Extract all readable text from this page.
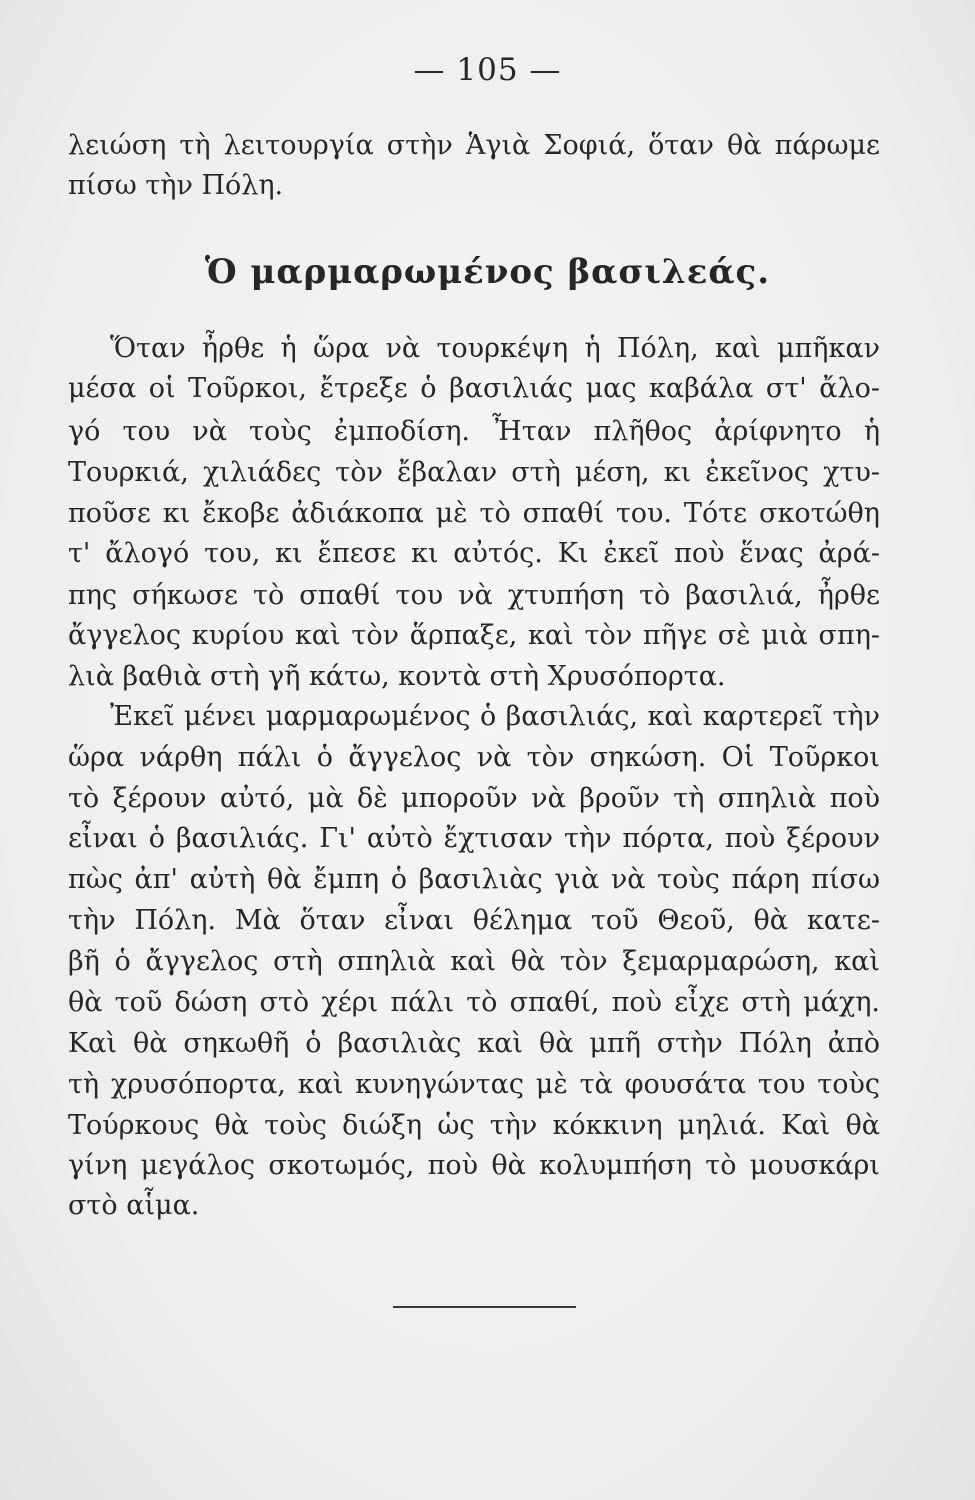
— 105 —
λειώση τὴ λειτουργία στὴν Ἁγιὰ Σοφιά, ὅταν θὰ πάρωμε
πίσω τὴν Πόλη.
Ὁ μαρμαρωμένος βασιλεάς.
Ὅταν ἦρθε ἡ ὥρα νὰ τουρκέψη ἡ Πόλη, καὶ μπῆκαν
μέσα οἱ Τοῦρκοι, ἔτρεξε ὁ βασιλιάς μας καβάλα στ' ἄλο-
γό του νὰ τοὺς ἐμποδίση. Ἦταν πλῆθος ἀρίφνητο ἡ
Τουρκιά, χιλιάδες τὸν ἔβαλαν στὴ μέση, κι ἐκεῖνος χτυ-
ποῦσε κι ἔκοβε ἀδιάκοπα μὲ τὸ σπαθί του. Τότε σκοτώθη
τ' ἄλογό του, κι ἔπεσε κι αὐτός. Κι ἐκεῖ ποὺ ἕνας ἀρά-
πης σήκωσε τὸ σπαθί του νὰ χτυπήση τὸ βασιλιά, ἦρθε
ἄγγελος κυρίου καὶ τὸν ἅρπαξε, καὶ τὸν πῆγε σὲ μιὰ σπη-
λιὰ βαθιὰ στὴ γῆ κάτω, κοντὰ στὴ Χρυσόπορτα.
Ἐκεῖ μένει μαρμαρωμένος ὁ βασιλιάς, καὶ καρτερεῖ τὴν
ὥρα νάρθη πάλι ὁ ἄγγελος νὰ τὸν σηκώση. Οἱ Τοῦρκοι
τὸ ξέρουν αὐτό, μὰ δὲ μποροῦν νὰ βροῦν τὴ σπηλιὰ ποὺ
εἶναι ὁ βασιλιάς. Γι' αὐτὸ ἔχτισαν τὴν πόρτα, ποὺ ξέρουν
πὼς ἀπ' αὐτὴ θὰ ἔμπη ὁ βασιλιὰς γιὰ νὰ τοὺς πάρη πίσω
τὴν Πόλη. Μὰ ὅταν εἶναι θέλημα τοῦ Θεοῦ, θὰ κατε-
βῆ ὁ ἄγγελος στὴ σπηλιὰ καὶ θὰ τὸν ξεμαρμαρώση, καὶ
θὰ τοῦ δώση στὸ χέρι πάλι τὸ σπαθί, ποὺ εἶχε στὴ μάχη.
Καὶ θὰ σηκωθῆ ὁ βασιλιὰς καὶ θὰ μπῆ στὴν Πόλη ἀπὸ
τὴ χρυσόπορτα, καὶ κυνηγώντας μὲ τὰ φουσάτα του τοὺς
Τούρκους θὰ τοὺς διώξη ὡς τὴν κόκκινη μηλιά. Καὶ θὰ
γίνη μεγάλος σκοτωμός, ποὺ θὰ κολυμπήση τὸ μουσκάρι
στὸ αἷμα.
